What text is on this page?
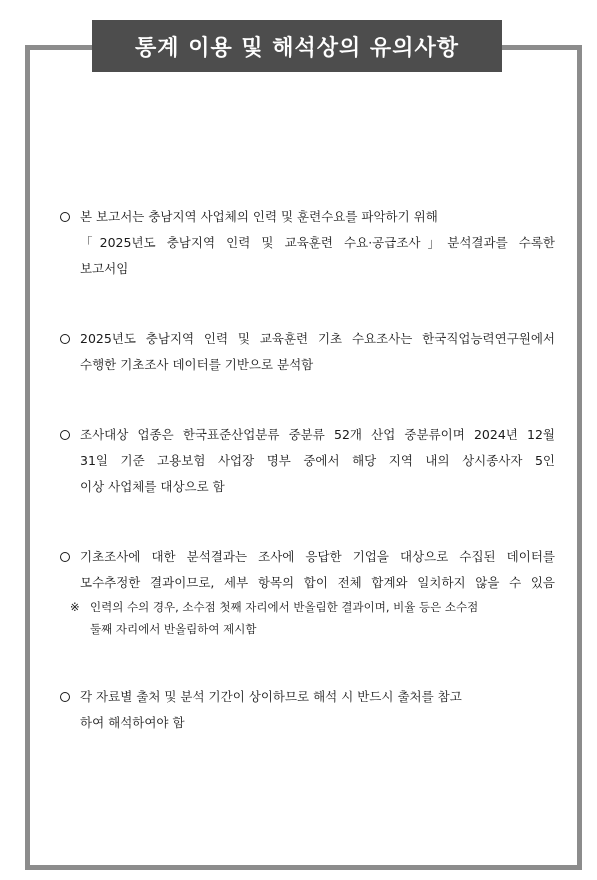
통계 이용 및 해석상의 유의사항
본 보고서는 충남지역 사업체의 인력 및 훈련수요를 파악하기 위해
「2025년도 충남지역 인력 및 교육훈련 수요·공급조사」분석결과를 수록한
보고서임
2025년도 충남지역 인력 및 교육훈련 기초 수요조사는 한국직업능력연구원에서
수행한 기초조사 데이터를 기반으로 분석함
조사대상 업종은 한국표준산업분류 중분류 52개 산업 중분류이며 2024년 12월
31일 기준 고용보험 사업장 명부 중에서 해당 지역 내의 상시종사자 5인
이상 사업체를 대상으로 함
기초조사에 대한 분석결과는 조사에 응답한 기업을 대상으로 수집된 데이터를
모수추정한 결과이므로, 세부 항목의 합이 전체 합계와 일치하지 않을 수 있음
※ 인력의 수의 경우, 소수점 첫째 자리에서 반올림한 결과이며, 비율 등은 소수점
둘째 자리에서 반올림하여 제시함
각 자료별 출처 및 분석 기간이 상이하므로 해석 시 반드시 출처를 참고
하여 해석하여야 함
